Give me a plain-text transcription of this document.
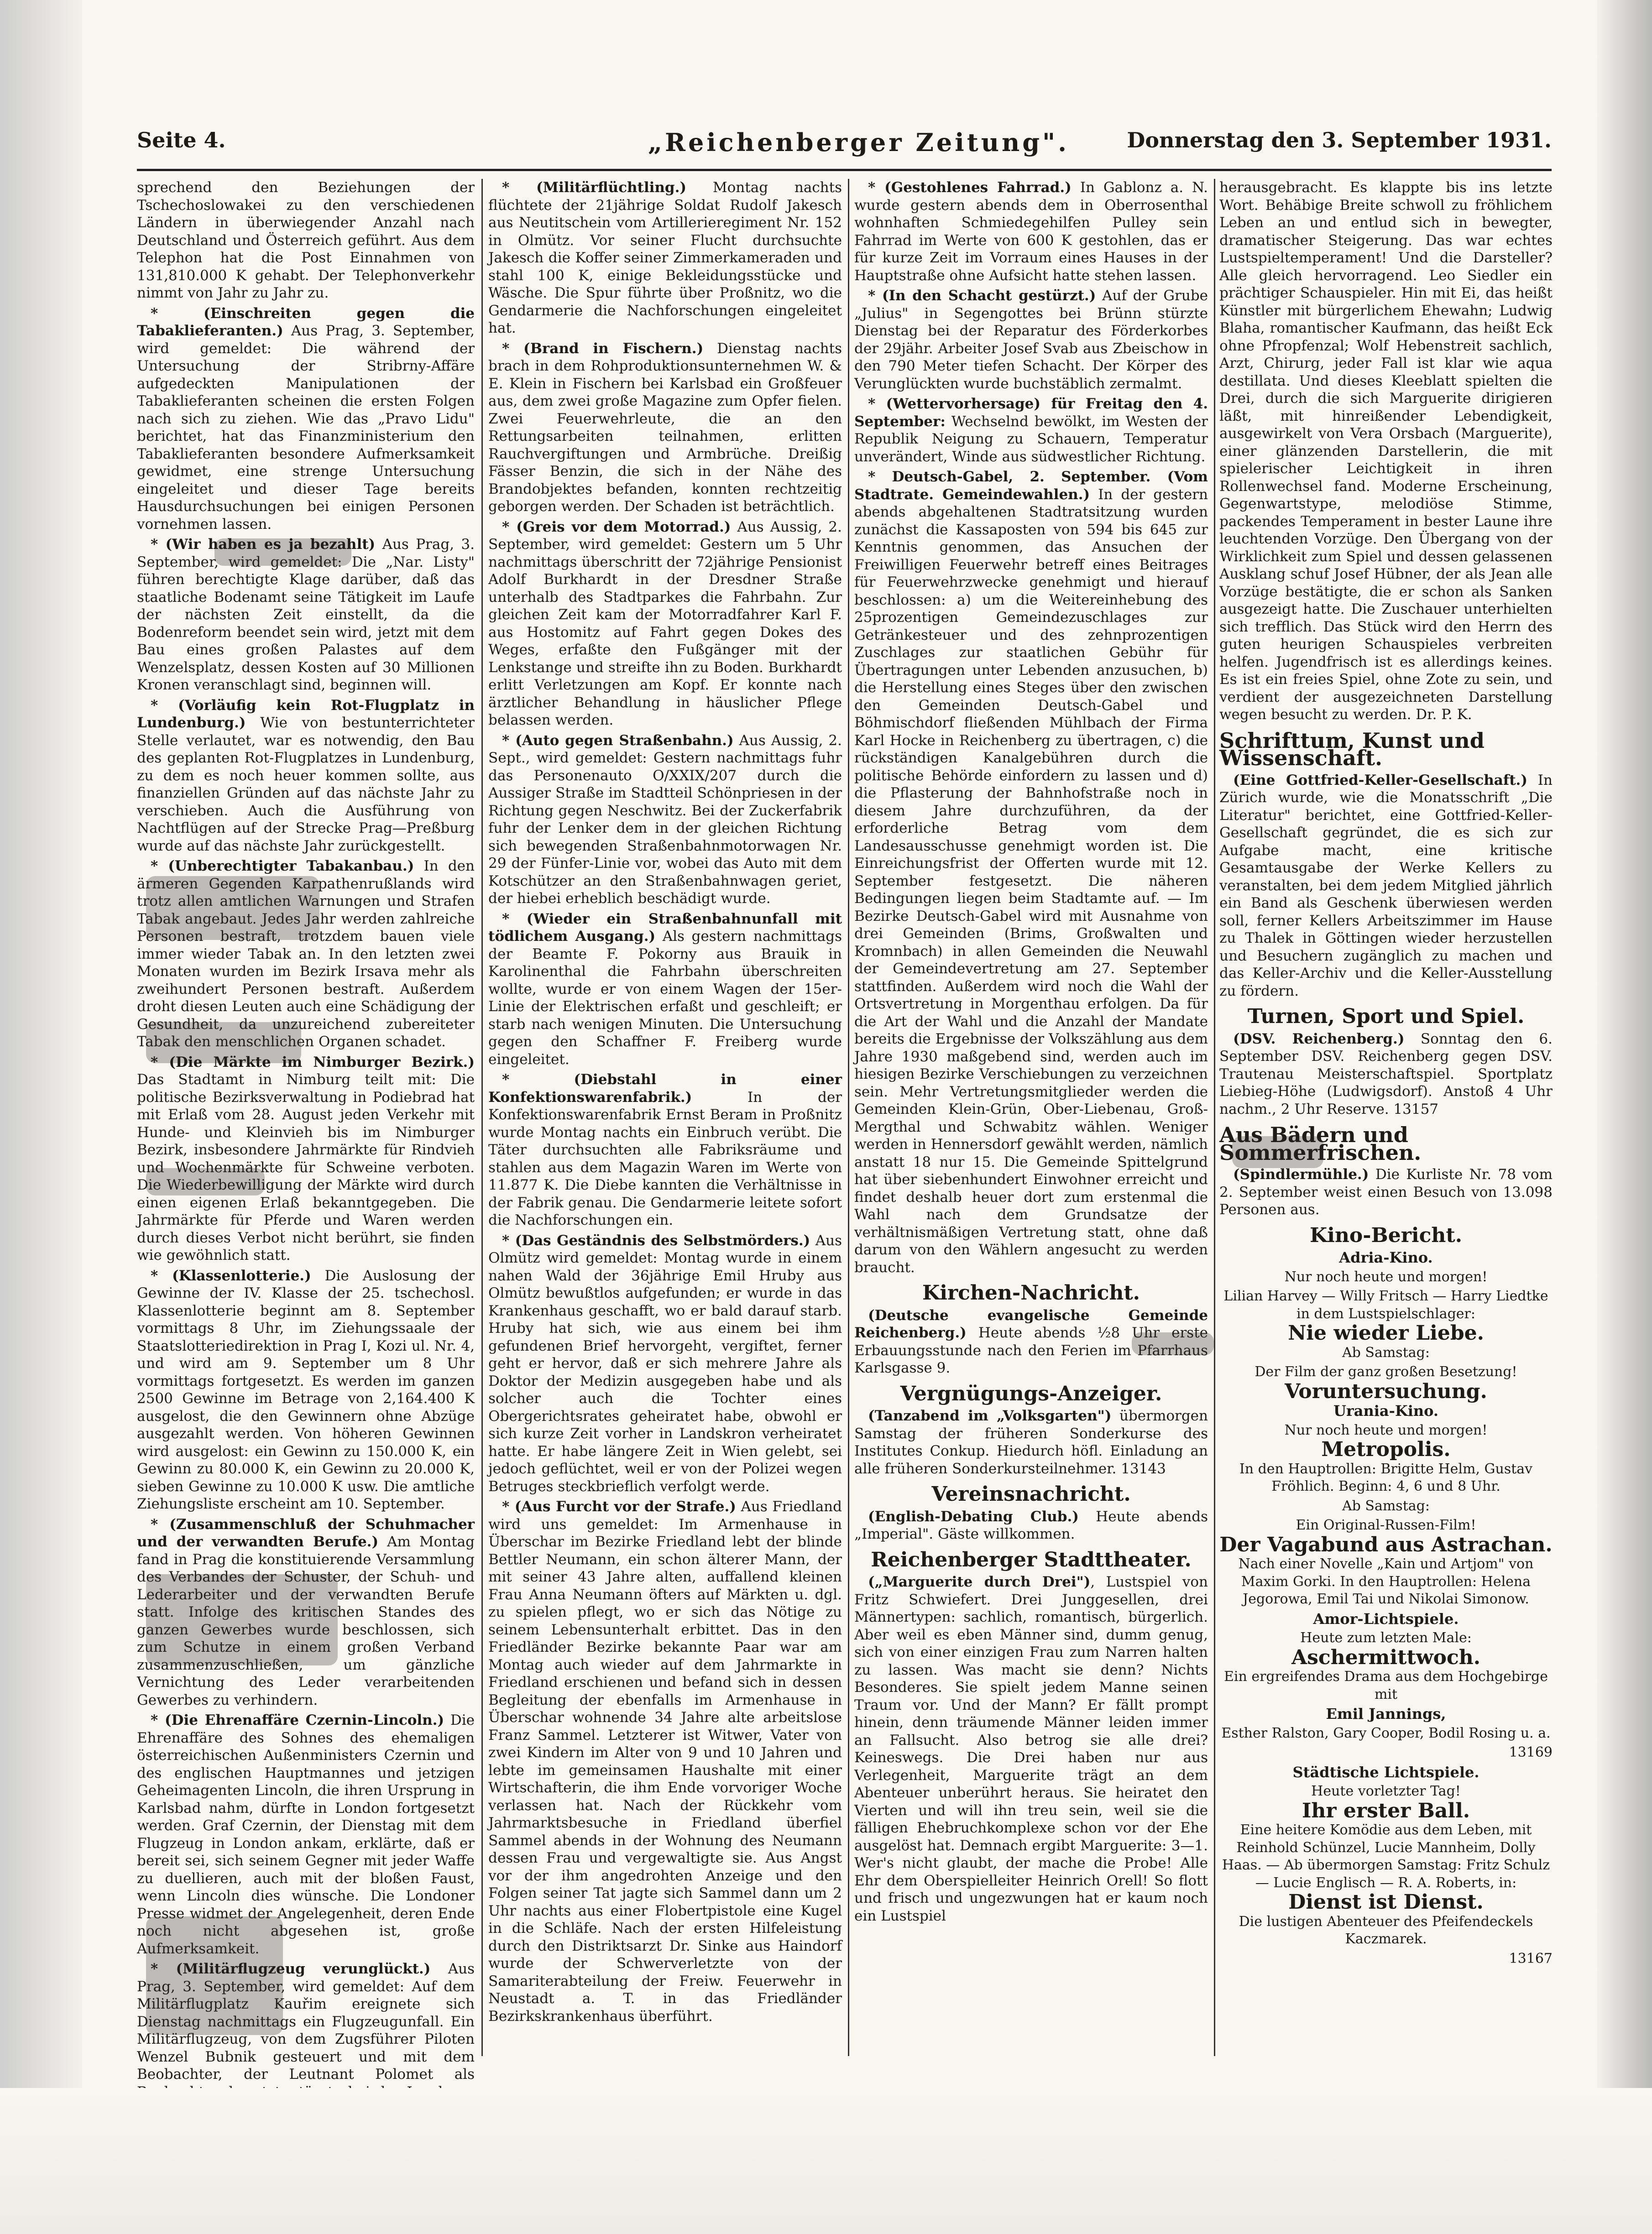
Seite 4.	„Reichenberger Zeitung".	Donnerstag den 3. September 1931.

sprechend den Beziehungen der Tschechoslowakei zu den verschiedenen Ländern in überwiegender Anzahl nach Deutschland und Österreich geführt. Aus dem Telephon hat die Post Einnahmen von 131,810.000 K gehabt. Der Telephonverkehr nimmt von Jahr zu Jahr zu.

* (Einschreiten gegen die Tabaklieferanten.) Aus Prag, 3. September, wird gemeldet: Die während der Untersuchung der Stribrny-Affäre aufgedeckten Manipulationen der Tabaklieferanten scheinen die ersten Folgen nach sich zu ziehen. Wie das „Pravo Lidu" berichtet, hat das Finanzministerium den Tabaklieferanten besondere Aufmerksamkeit gewidmet, eine strenge Untersuchung eingeleitet und dieser Tage bereits Hausdurchsuchungen bei einigen Personen vornehmen lassen.

* (Wir haben es ja bezahlt) Aus Prag, 3. September, wird gemeldet: Die „Nar. Listy" führen berechtigte Klage darüber, daß das staatliche Bodenamt seine Tätigkeit im Laufe der nächsten Zeit einstellt, da die Bodenreform beendet sein wird, jetzt mit dem Bau eines großen Palastes auf dem Wenzelsplatz, dessen Kosten auf 30 Millionen Kronen veranschlagt sind, beginnen will.

* (Vorläufig kein Rot-Flugplatz in Lundenburg.) Wie von bestunterrichteter Stelle verlautet, war es notwendig, den Bau des geplanten Rot-Flugplatzes in Lundenburg, zu dem es noch heuer kommen sollte, aus finanziellen Gründen auf das nächste Jahr zu verschieben. Auch die Ausführung von Nachtflügen auf der Strecke Prag—Preßburg wurde auf das nächste Jahr zurückgestellt.

* (Unberechtigter Tabakanbau.) In den ärmeren Gegenden Karpathenrußlands wird trotz allen amtlichen Warnungen und Strafen Tabak angebaut. Jedes Jahr werden zahlreiche Personen bestraft, trotzdem bauen viele immer wieder Tabak an. In den letzten zwei Monaten wurden im Bezirk Irsava mehr als zweihundert Personen bestraft. Außerdem droht diesen Leuten auch eine Schädigung der Gesundheit, da unzureichend zubereiteter Tabak den menschlichen Organen schadet.

* (Die Märkte im Nimburger Bezirk.) Das Stadtamt in Nimburg teilt mit: Die politische Bezirksverwaltung in Podiebrad hat mit Erlaß vom 28. August jeden Verkehr mit Hunde- und Kleinvieh bis im Nimburger Bezirk, insbesondere Jahrmärkte für Rindvieh und Wochenmärkte für Schweine verboten. Die Wiederbewilligung der Märkte wird durch einen eigenen Erlaß bekanntgegeben. Die Jahrmärkte für Pferde und Waren werden durch dieses Verbot nicht berührt, sie finden wie gewöhnlich statt.

* (Klassenlotterie.) Die Auslosung der Gewinne der IV. Klasse der 25. tschechosl. Klassenlotterie beginnt am 8. September vormittags 8 Uhr, im Ziehungssaale der Staatslotteriedirektion in Prag I, Kozi ul. Nr. 4, und wird am 9. September um 8 Uhr vormittags fortgesetzt. Es werden im ganzen 2500 Gewinne im Betrage von 2,164.400 K ausgelost, die den Gewinnern ohne Abzüge ausgezahlt werden. Von höheren Gewinnen wird ausgelost: ein Gewinn zu 150.000 K, ein Gewinn zu 80.000 K, ein Gewinn zu 20.000 K, sieben Gewinne zu 10.000 K usw. Die amtliche Ziehungsliste erscheint am 10. September.

* (Zusammenschluß der Schuhmacher und der verwandten Berufe.) Am Montag fand in Prag die konstituierende Versammlung des Verbandes der Schuster, der Schuh- und Lederarbeiter und der verwandten Berufe statt. Infolge des kritischen Standes des ganzen Gewerbes wurde beschlossen, sich zum Schutze in einem großen Verband zusammenzuschließen, um gänzliche Vernichtung des Leder verarbeitenden Gewerbes zu verhindern.

* (Die Ehrenaffäre Czernin-Lincoln.) Die Ehrenaffäre des Sohnes des ehemaligen österreichischen Außenministers Czernin und des englischen Hauptmannes und jetzigen Geheimagenten Lincoln, die ihren Ursprung in Karlsbad nahm, dürfte in London fortgesetzt werden. Graf Czernin, der Dienstag mit dem Flugzeug in London ankam, erklärte, daß er bereit sei, sich seinem Gegner mit jeder Waffe zu duellieren, auch mit der bloßen Faust, wenn Lincoln dies wünsche. Die Londoner Presse widmet der Angelegenheit, deren Ende noch nicht abgesehen ist, große Aufmerksamkeit.

* (Militärflugzeug verunglückt.) Aus Prag, 3. September, wird gemeldet: Auf dem Militärflugplatz Kauřim ereignete sich Dienstag nachmittags ein Flugzeugunfall. Ein Militärflugzeug, von dem Zugsführer Piloten Wenzel Bubnik gesteuert und mit dem Beobachter, der Leutnant Polomet als

* (Militärflüchtling.) Montag nachts flüchtete der 21jährige Soldat Rudolf Jakesch aus Neutitschein vom Artillerieregiment Nr. 152 in Olmütz. Vor seiner Flucht durchsuchte Jakesch die Koffer seiner Zimmerkameraden und stahl 100 K, einige Bekleidungsstücke und Wäsche. Die Spur führte über Proßnitz, wo die Gendarmerie die Nachforschungen eingeleitet hat.

* (Brand in Fischern.) Dienstag nachts brach in dem Rohproduktionsunternehmen W. & E. Klein in Fischern bei Karlsbad ein Großfeuer aus, dem zwei große Magazine zum Opfer fielen. Zwei Feuerwehrleute, die an den Rettungsarbeiten teilnahmen, erlitten Rauchvergiftungen und Armbrüche. Dreißig Fässer Benzin, die sich in der Nähe des Brandobjektes befanden, konnten rechtzeitig geborgen werden. Der Schaden ist beträchtlich.

* (Greis vor dem Motorrad.) Aus Aussig, 2. September, wird gemeldet: Gestern um 5 Uhr nachmittags überschritt der 72jährige Pensionist Adolf Burkhardt in der Dresdner Straße unterhalb des Stadtparkes die Fahrbahn. Zur gleichen Zeit kam der Motorradfahrer Karl F. aus Hostomitz auf Fahrt gegen Dokes des Weges, erfaßte den Fußgänger mit der Lenkstange und streifte ihn zu Boden. Burkhardt erlitt Verletzungen am Kopf. Er konnte nach ärztlicher Behandlung in häuslicher Pflege belassen werden.

* (Auto gegen Straßenbahn.) Aus Aussig, 2. Sept., wird gemeldet: Gestern nachmittags fuhr das Personenauto O/XXIX/207 durch die Aussiger Straße im Stadtteil Schönpriesen in der Richtung gegen Neschwitz. Bei der Zuckerfabrik fuhr der Lenker dem in der gleichen Richtung sich bewegenden Straßenbahnmotorwagen Nr. 29 der Fünfer-Linie vor, wobei das Auto mit dem Kotschützer an den Straßenbahnwagen geriet, der hiebei erheblich beschädigt wurde.

* (Wieder ein Straßenbahnunfall mit tödlichem Ausgang.) Als gestern nachmittags der Beamte F. Pokorny aus Brauik in Karolinenthal die Fahrbahn überschreiten wollte, wurde er von einem Wagen der 15er-Linie der Elektrischen erfaßt und geschleift; er starb nach wenigen Minuten. Die Untersuchung gegen den Schaffner F. Freiberg wurde eingeleitet.

* (Diebstahl in einer Konfektionswarenfabrik.)	In der Konfektionswarenfabrik Ernst Beram in Proßnitz wurde Montag nachts ein Einbruch verübt. Die Täter durchsuchten alle Fabriksräume und stahlen aus dem Magazin Waren im Werte von 11.877 K. Die Diebe kannten die Verhältnisse in der Fabrik genau. Die Gendarmerie leitete sofort die Nachforschungen ein.

* (Das Geständnis des Selbstmörders.) Aus Olmütz wird gemeldet: Montag wurde in einem nahen Wald der 36jährige Emil Hruby aus Olmütz bewußtlos aufgefunden; er wurde in das Krankenhaus geschafft, wo er bald darauf starb. Hruby hat sich, wie aus einem bei ihm gefundenen Brief hervorgeht, vergiftet, ferner geht er hervor, daß er sich mehrere Jahre als Doktor der Medizin ausgegeben habe und als solcher auch die Tochter eines Obergerichtsrates geheiratet habe, obwohl er sich kurze Zeit vorher in Landskron verheiratet hatte. Er habe längere Zeit in Wien gelebt, sei jedoch geflüchtet, weil er von der Polizei wegen Betruges steckbrieflich verfolgt werde.

* (Aus Furcht vor der Strafe.) Aus Friedland wird uns gemeldet: Im Armenhause in Überschar im Bezirke Friedland lebt der blinde Bettler Neumann, ein schon älterer Mann, der mit seiner 43 Jahre alten, auffallend kleinen Frau Anna Neumann öfters auf Märkten u. dgl. zu spielen pflegt, wo er sich das Nötige zu seinem Lebensunterhalt erbittet. Das in den Friedländer Bezirke bekannte Paar war am Montag auch wieder auf dem Jahrmarkte in Friedland erschienen und befand sich in dessen Begleitung der ebenfalls im Armenhause in Überschar wohnende 34 Jahre alte arbeitslose Franz Sammel. Letzterer ist Witwer, Vater von zwei Kindern im Alter von 9 und 10 Jahren und lebte im gemeinsamen Haushalte mit einer Wirtschafterin, die ihm Ende vorvoriger Woche verlassen hat. Nach der Rückkehr vom Jahrmarktsbesuche in Friedland überfiel Sammel abends in der Wohnung des Neumann dessen Frau und vergewaltigte sie. Aus Angst vor der ihm angedrohten Anzeige und den Folgen seiner Tat jagte sich Sammel dann um 2 Uhr nachts aus einer Flobertpistole eine Kugel in die Schläfe. Nach der ersten Hilfeleistung durch den Distriktsarzt Dr. Sinke aus Haindorf wurde der Schwerverletzte von der Samariterabteilung der Freiw. Feuerwehr in Neustadt a. T. in das Friedländer Bezirkskrankenhaus überführt.

* (Gestohlenes Fahrrad.) In Gablonz a. N. wurde gestern abends dem in Oberrosenthal wohnhaften Schmiedegehilfen Pulley sein Fahrrad im Werte von 600 K gestohlen, das er für kurze Zeit im Vorraum eines Hauses in der Hauptstraße ohne Aufsicht hatte stehen lassen.

* (In den Schacht gestürzt.) Auf der Grube „Julius" in Segengottes bei Brünn stürzte Dienstag bei der Reparatur des Förderkorbes der 29jähr. Arbeiter Josef Svab aus Zbeischow in den 790 Meter tiefen Schacht. Der Körper des Verunglückten wurde buchstäblich zermalmt.

* (Wettervorhersage) für Freitag den 4. September: Wechselnd bewölkt, im Westen der Republik Neigung zu Schauern, Temperatur unverändert, Winde aus südwestlicher Richtung.

* Deutsch-Gabel, 2. September. (Vom Stadtrate. Gemeindewahlen.) In der gestern abends abgehaltenen Stadtratsitzung wurden zunächst die Kassaposten von 594 bis 645 zur Kenntnis genommen, das Ansuchen der Freiwilligen Feuerwehr betreff eines Beitrages für Feuerwehrzwecke genehmigt und hierauf beschlossen: a) um die Weitereinhebung des 25prozentigen Gemeindezuschlages zur Getränkesteuer und des zehnprozentigen Zuschlages zur staatlichen Gebühr für Übertragungen unter Lebenden anzusuchen, b) die Herstellung eines Steges über den zwischen den Gemeinden Deutsch-Gabel und Böhmischdorf fließenden Mühlbach der Firma Karl Hocke in Reichenberg zu übertragen, c) die rückständigen Kanalgebühren durch die politische Behörde einfordern zu lassen und d) die Pflasterung der Bahnhofstraße noch in diesem Jahre durchzuführen, da der erforderliche Betrag vom dem Landesausschusse genehmigt worden ist. Die Einreichungsfrist der Offerten wurde mit 12. September festgesetzt. Die näheren Bedingungen liegen beim Stadtamte auf. — Im Bezirke Deutsch-Gabel wird mit Ausnahme von drei Gemeinden (Brims, Großwalten und Kromnbach) in allen Gemeinden die Neuwahl der Gemeindevertretung am 27. September stattfinden. Außerdem wird noch die Wahl der Ortsvertretung in Morgenthau erfolgen. Da für die Art der Wahl und die Anzahl der Mandate bereits die Ergebnisse der Volkszählung aus dem Jahre 1930 maßgebend sind, werden auch im hiesigen Bezirke Verschiebungen zu verzeichnen sein. Mehr Vertretungsmitglieder werden die Gemeinden Klein-Grün, Ober-Liebenau, Groß-Mergthal und Schwabitz wählen. Weniger werden in Hennersdorf gewählt werden, nämlich anstatt 18 nur 15. Die Gemeinde Spittelgrund hat über siebenhundert Einwohner erreicht und findet deshalb heuer dort zum erstenmal die Wahl nach dem Grundsatze der verhältnismäßigen Vertretung statt, ohne daß darum von den Wählern angesucht zu werden braucht.

Kirchen-Nachricht.

(Deutsche evangelische Gemeinde Reichenberg.) Heute abends ½8 Uhr erste Erbauungsstunde nach den Ferien im Pfarrhaus Karlsgasse 9.

Vergnügungs-Anzeiger.

(Tanzabend im „Volksgarten") übermorgen Samstag der früheren Sonderkurse des Institutes Conkup. Hiedurch höfl. Einladung an alle früheren Sonderkursteilnehmer. 13143

Vereinsnachricht.

(English-Debating Club.) Heute abends „Imperial". Gäste willkommen.

Reichenberger Stadttheater.

(„Marguerite durch Drei"), Lustspiel von Fritz Schwiefert. Drei Junggesellen, drei Männertypen: sachlich, romantisch, bürgerlich. Aber weil es eben Männer sind, dumm genug, sich von einer einzigen Frau zum Narren halten zu lassen. Was macht sie denn? Nichts Besonderes. Sie spielt jedem Manne seinen Traum vor. Und der Mann? Er fällt prompt hinein, denn träumende Männer leiden immer an Fallsucht. Also betrog sie alle drei? Keineswegs. Die Drei haben nur aus Verlegenheit, Marguerite trägt an dem Abenteuer unberührt heraus. Sie heiratet den Vierten und will ihn treu sein, weil sie die fälligen Ehebruchkomplexe schon vor der Ehe ausgelöst hat. Demnach ergibt Marguerite: 3—1. Wer's nicht glaubt, der mache die Probe! Alle Ehr dem Oberspielleiter Heinrich Orell! So flott und frisch und ungezwungen hat er kaum noch ein Lustspiel

herausgebracht. Es klappte bis ins letzte Wort. Behäbige Breite schwoll zu fröhlichem Leben an und entlud sich in bewegter, dramatischer Steigerung. Das war echtes Lustspieltemperament! Und die Darsteller? Alle gleich hervorragend. Leo Siedler ein prächtiger Schauspieler. Hin mit Ei, das heißt Künstler mit bürgerlichem Ehewahn; Ludwig Blaha, romantischer Kaufmann, das heißt Eck ohne Pfropfenzal; Wolf Hebenstreit sachlich, Arzt, Chirurg, jeder Fall ist klar wie aqua destillata. Und dieses Kleeblatt spielten die Drei, durch die sich Marguerite dirigieren läßt, mit hinreißender Lebendigkeit, ausgewirkelt von Vera Orsbach (Marguerite), einer glänzenden Darstellerin, die mit spielerischer Leichtigkeit in ihren Rollenwechsel fand. Moderne Erscheinung, Gegenwartstype, melodiöse Stimme, packendes Temperament in bester Laune ihre leuchtenden Vorzüge. Den Übergang von der Wirklichkeit zum Spiel und dessen gelassenen Ausklang schuf Josef Hübner, der als Jean alle Vorzüge bestätigte, die er schon als Sanken ausgezeigt hatte. Die Zuschauer unterhielten sich trefflich. Das Stück wird den Herrn des guten heurigen Schauspieles verbreiten helfen. Jugendfrisch ist es allerdings keines. Es ist ein freies Spiel, ohne Zote zu sein, und verdient der ausgezeichneten Darstellung wegen besucht zu werden. Dr. P. K.

Schrifttum, Kunst und Wissenschaft.

(Eine Gottfried-Keller-Gesellschaft.) In Zürich wurde, wie die Monatsschrift „Die Literatur" berichtet, eine Gottfried-Keller-Gesellschaft gegründet, die es sich zur Aufgabe macht, eine kritische Gesamtausgabe der Werke Kellers zu veranstalten, bei dem jedem Mitglied jährlich ein Band als Geschenk überwiesen werden soll, ferner Kellers Arbeitszimmer im Hause zu Thalek in Göttingen wieder herzustellen und Besuchern zugänglich zu machen und das Keller-Archiv und die Keller-Ausstellung zu fördern.

Turnen, Sport und Spiel.

(DSV. Reichenberg.) Sonntag den 6. September DSV. Reichenberg gegen DSV. Trautenau Meisterschaftspiel. Sportplatz Liebieg-Höhe (Ludwigsdorf). Anstoß 4 Uhr nachm., 2 Uhr Reserve. 13157

Aus Bädern und Sommerfrischen.

(Spindlermühle.) Die Kurliste Nr. 78 vom 2. September weist einen Besuch von 13.098 Personen aus.

Kino-Bericht.
Adria-Kino.
Nur noch heute und morgen!
Lilian Harvey — Willy Fritsch — Harry Liedtke in dem Lustspielschlager:
Nie wieder Liebe.
Ab Samstag:
Der Film der ganz großen Besetzung!
Voruntersuchung.
Urania-Kino.
Nur noch heute und morgen!
Metropolis.
In den Hauptrollen: Brigitte Helm, Gustav Fröhlich. Beginn: 4, 6 und 8 Uhr.
Ab Samstag:
Ein Original-Russen-Film!
Der Vagabund aus Astrachan.
Nach einer Novelle „Kain und Artjom" von Maxim Gorki. In den Hauptrollen: Helena Jegorowa, Emil Tai und Nikolai Simonow.
Amor-Lichtspiele.
Heute zum letzten Male:
Aschermittwoch.
Ein ergreifendes Drama aus dem Hochgebirge mit
Emil Jannings,
Esther Ralston, Gary Cooper, Bodil Rosing u. a.
13169
Städtische Lichtspiele.
Heute vorletzter Tag!
Ihr erster Ball.
Eine heitere Komödie aus dem Leben, mit Reinhold Schünzel, Lucie Mannheim, Dolly Haas. — Ab übermorgen Samstag: Fritz Schulz — Lucie Englisch — R. A. Roberts, in:
Dienst ist Dienst.
Die lustigen Abenteuer des Pfeifendeckels Kaczmarek.
13167
